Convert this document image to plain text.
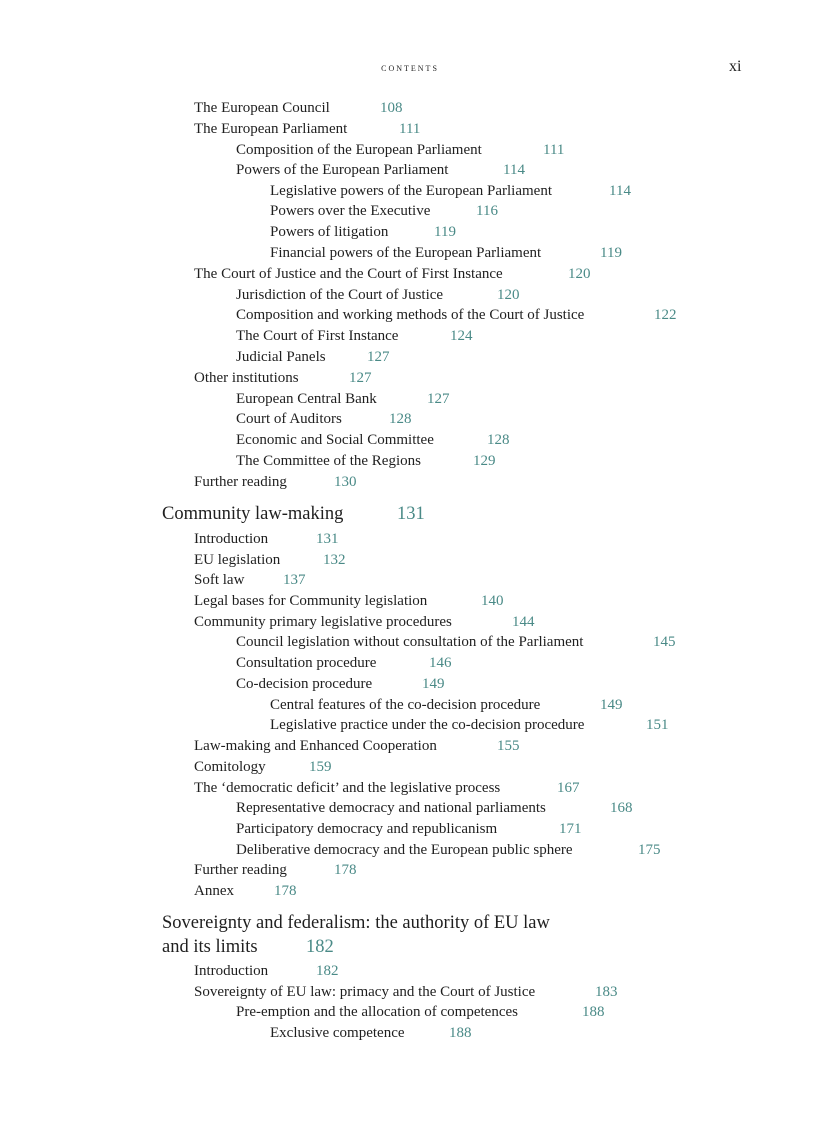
contents	xi
The European Council	108
The European Parliament	111
Composition of the European Parliament	111
Powers of the European Parliament	114
Legislative powers of the European Parliament	114
Powers over the Executive	116
Powers of litigation	119
Financial powers of the European Parliament	119
The Court of Justice and the Court of First Instance	120
Jurisdiction of the Court of Justice	120
Composition and working methods of the Court of Justice	122
The Court of First Instance	124
Judicial Panels	127
Other institutions	127
European Central Bank	127
Court of Auditors	128
Economic and Social Committee	128
The Committee of the Regions	129
Further reading	130
Community law-making	131
Introduction	131
EU legislation	132
Soft law	137
Legal bases for Community legislation	140
Community primary legislative procedures	144
Council legislation without consultation of the Parliament	145
Consultation procedure	146
Co-decision procedure	149
Central features of the co-decision procedure	149
Legislative practice under the co-decision procedure	151
Law-making and Enhanced Cooperation	155
Comitology	159
The ‘democratic deficit’ and the legislative process	167
Representative democracy and national parliaments	168
Participatory democracy and republicanism	171
Deliberative democracy and the European public sphere	175
Further reading	178
Annex	178
Sovereignty and federalism: the authority of EU law
and its limits	182
Introduction	182
Sovereignty of EU law: primacy and the Court of Justice	183
Pre-emption and the allocation of competences	188
Exclusive competence	188
